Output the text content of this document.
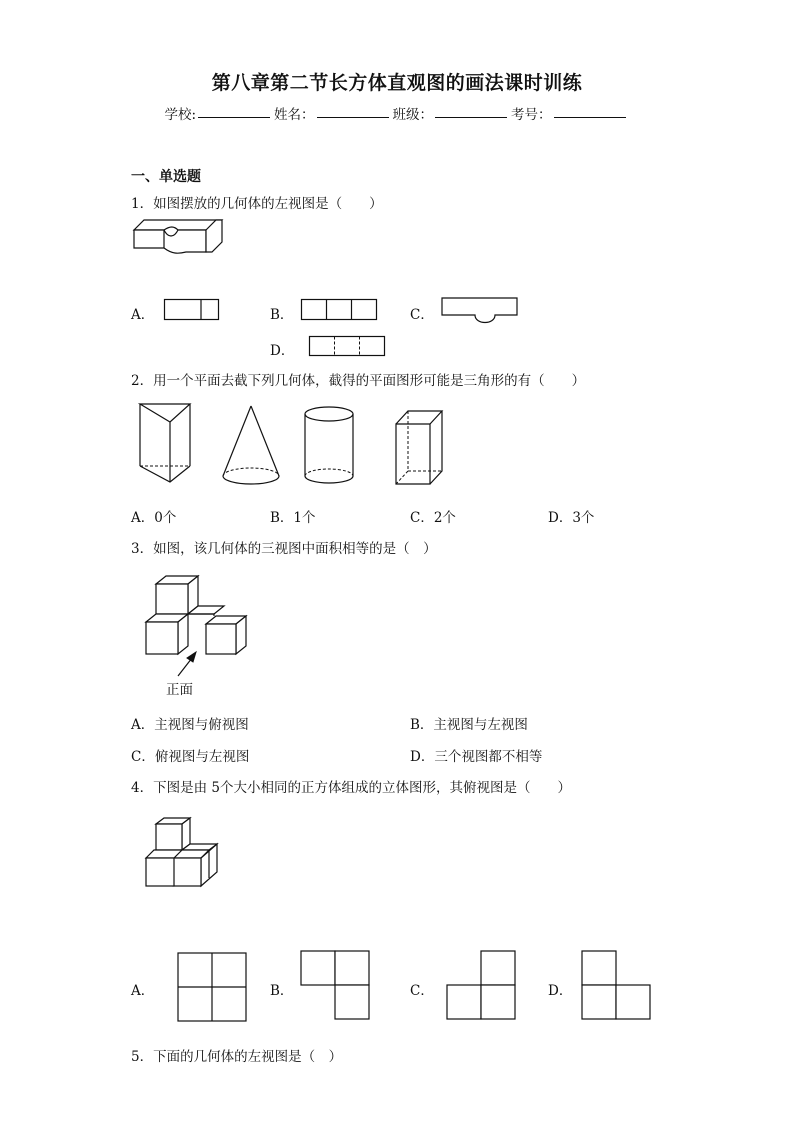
第八章第二节长方体直观图的画法课时训练
学校:	姓名：	班级：	考号：
一、单选题
1．如图摆放的几何体的左视图是（　　）
A．	B．	C．
D．
2．用一个平面去截下列几何体，截得的平面图形可能是三角形的有（　　）
A．0个	B．1个	C．2个	D．3个
3．如图，该几何体的三视图中面积相等的是（　）
正面
A．主视图与俯视图	B．主视图与左视图
C．俯视图与左视图	D．三个视图都不相等
4．下图是由 5个大小相同的正方体组成的立体图形，其俯视图是（　　）
A．	B．	C．	D．
5．下面的几何体的左视图是（　）
